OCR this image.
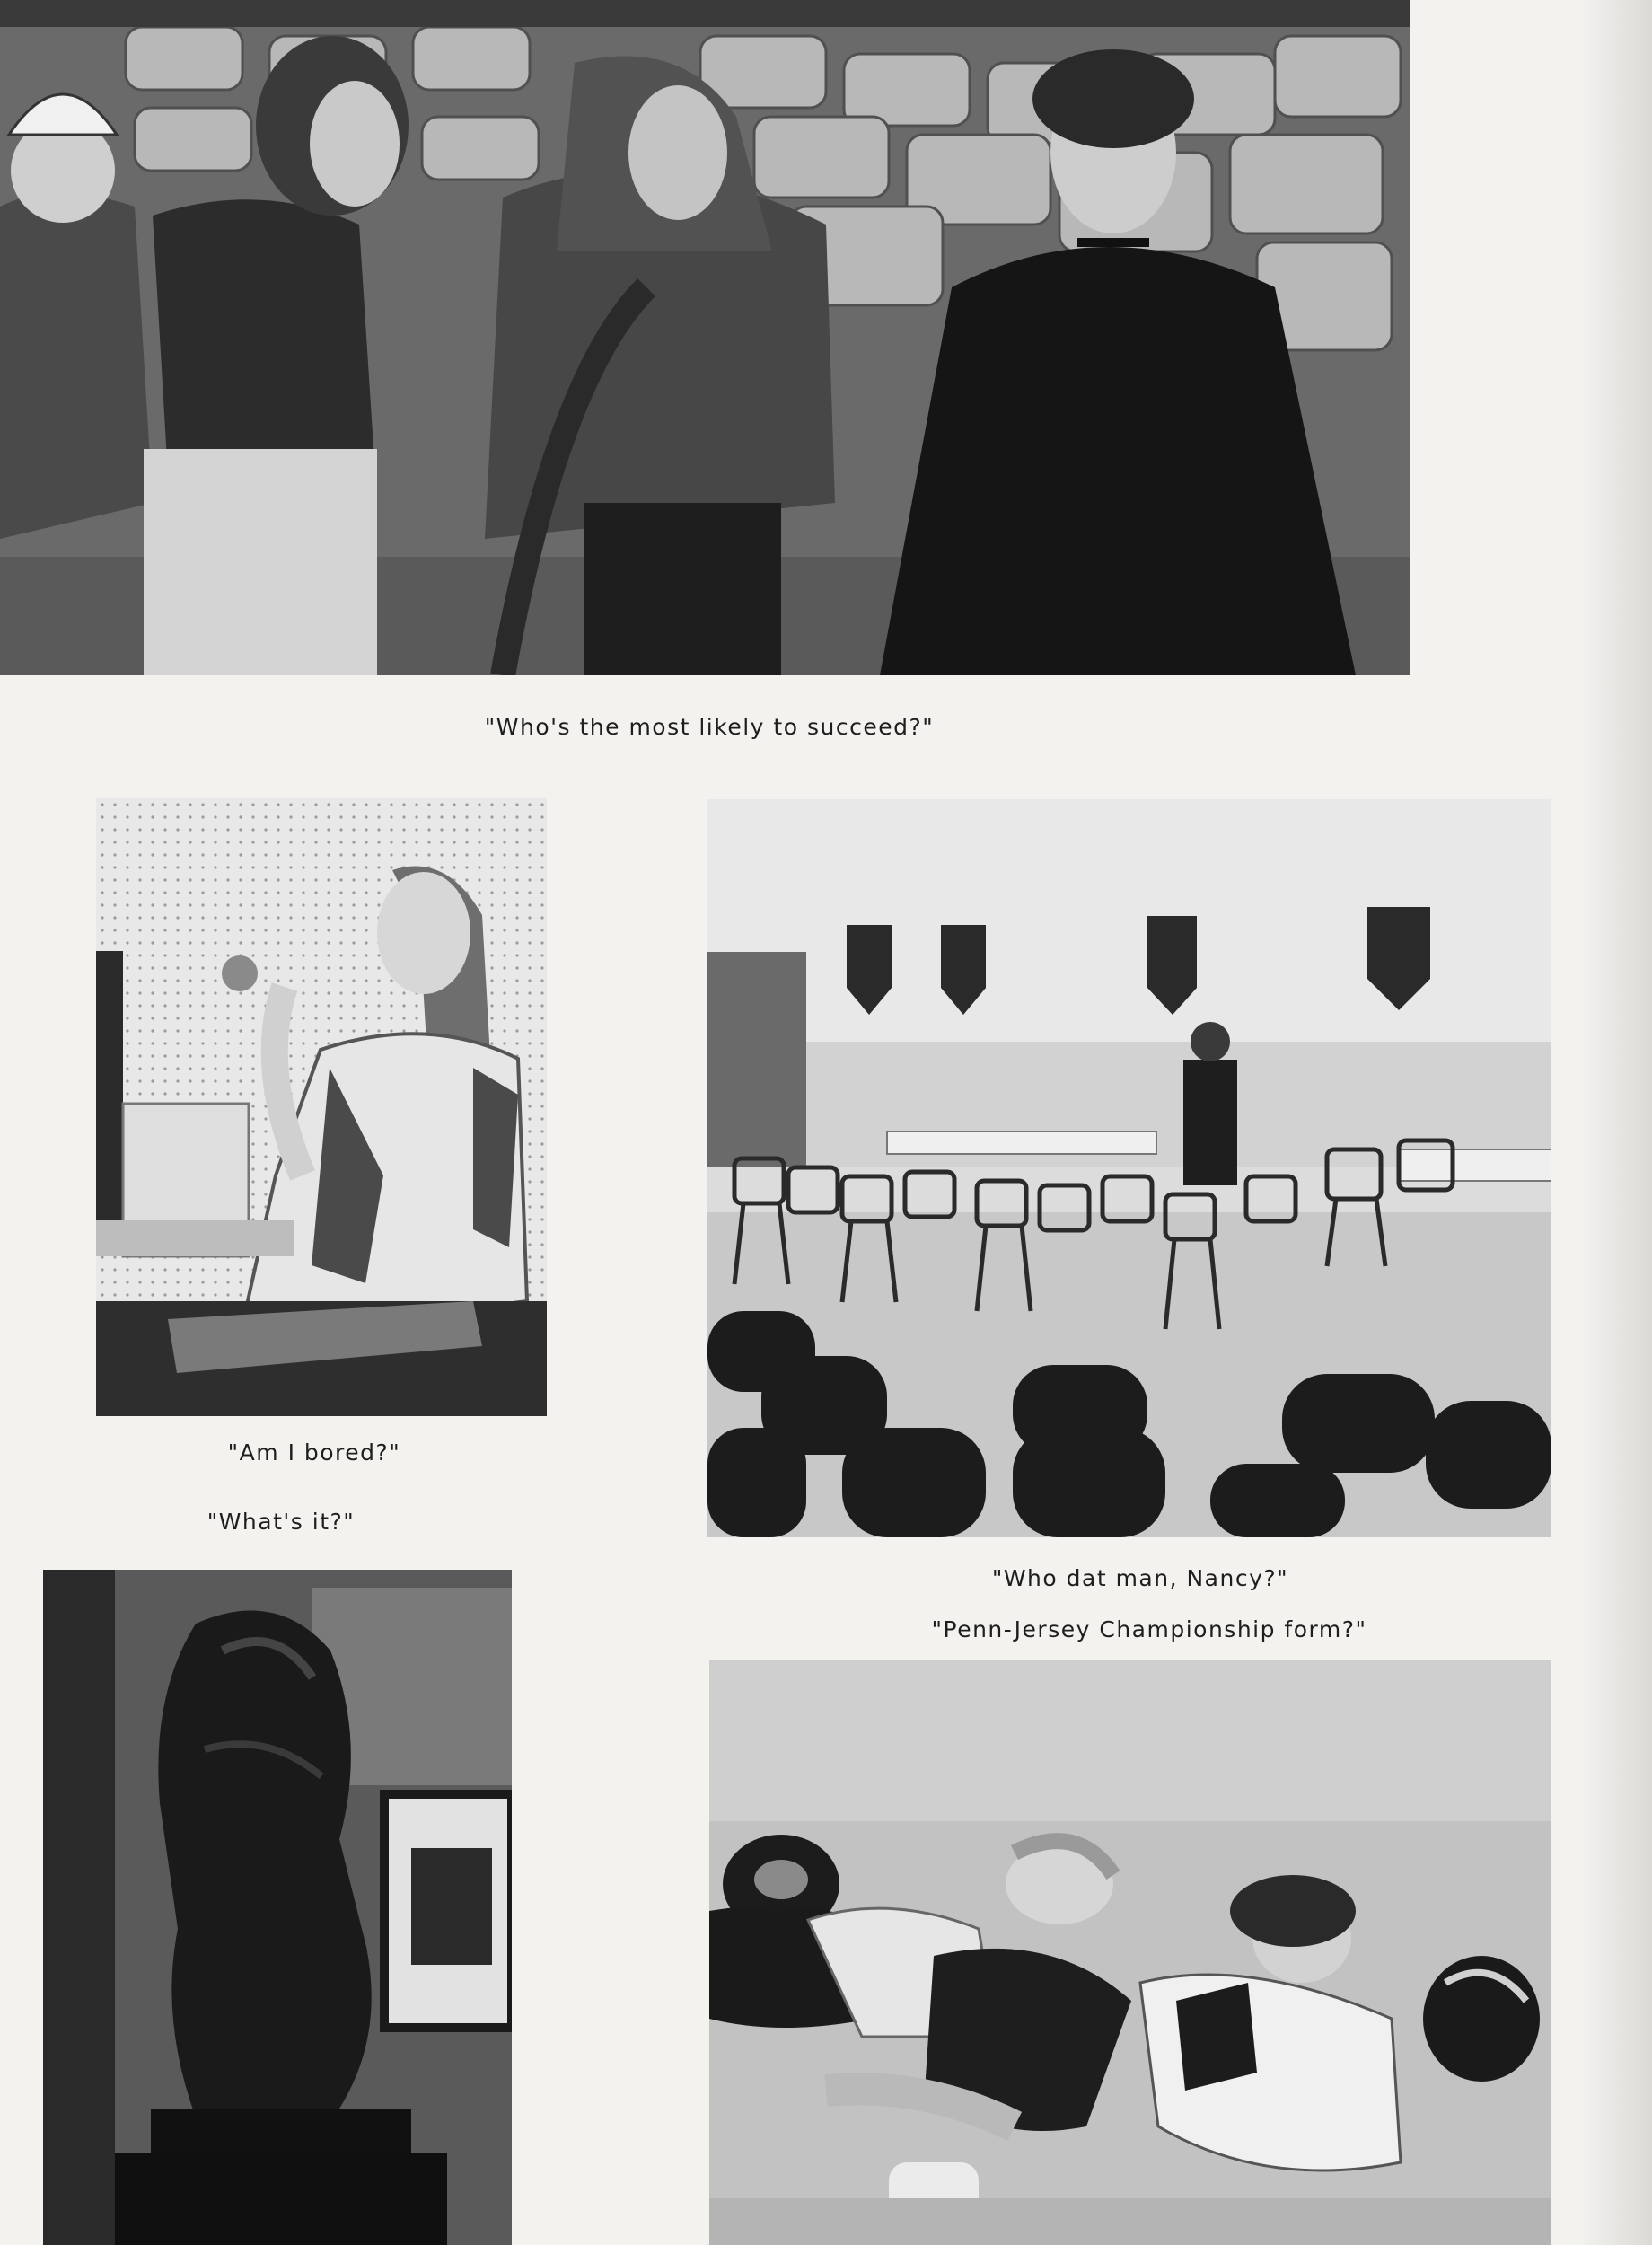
"Who's the most likely to succeed?"
"Am I bored?"
"What's it?"
"Who dat man, Nancy?"
"Penn-Jersey Championship form?"
